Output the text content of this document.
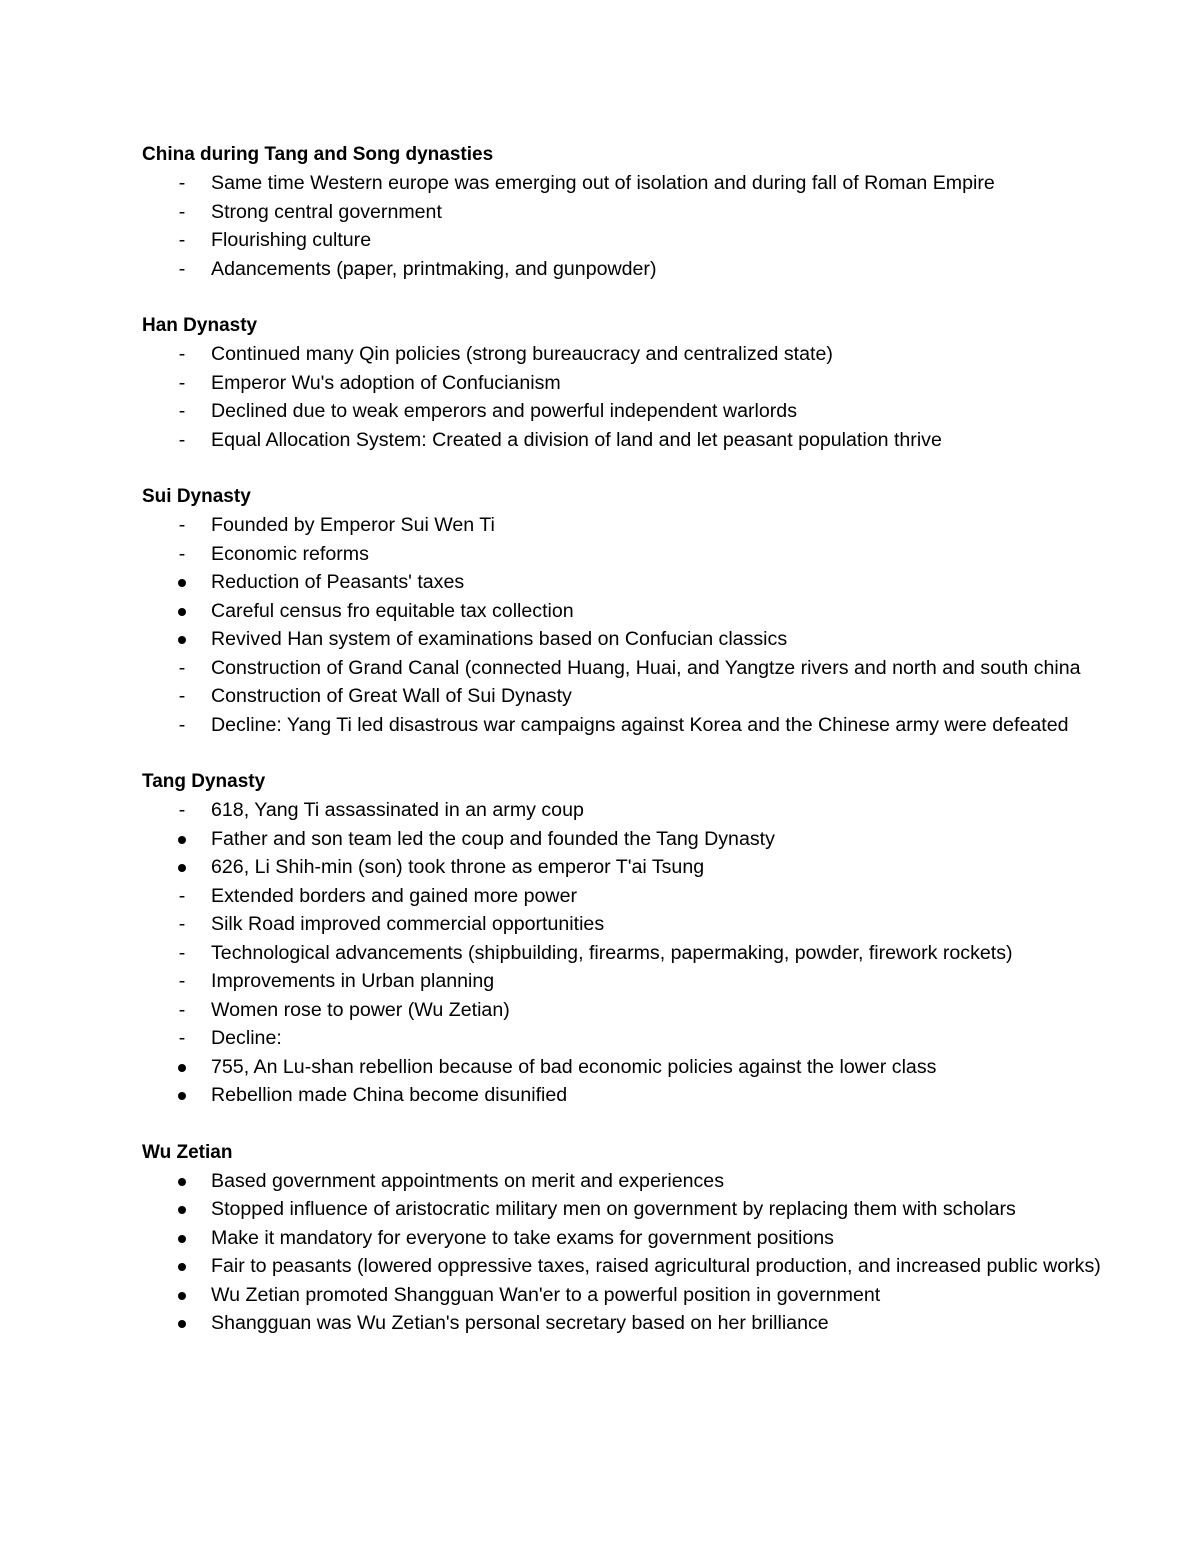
China during Tang and Song dynasties
-
Same time Western europe was emerging out of isolation and during fall of Roman Empire
-
Strong central government
-
Flourishing culture
-
Adancements (paper, printmaking, and gunpowder)
Han Dynasty
-
Continued many Qin policies (strong bureaucracy and centralized state)
-
Emperor Wu's adoption of Confucianism
-
Declined due to weak emperors and powerful independent warlords
-
Equal Allocation System: Created a division of land and let peasant population thrive
Sui Dynasty
-
Founded by Emperor Sui Wen Ti
-
Economic reforms
Reduction of Peasants' taxes
Careful census fro equitable tax collection
Revived Han system of examinations based on Confucian classics
-
Construction of Grand Canal (connected Huang, Huai, and Yangtze rivers and north and south china
-
Construction of Great Wall of Sui Dynasty
-
Decline: Yang Ti led disastrous war campaigns against Korea and the Chinese army were defeated
Tang Dynasty
-
618, Yang Ti assassinated in an army coup
Father and son team led the coup and founded the Tang Dynasty
626, Li Shih-min (son) took throne as emperor T'ai Tsung
-
Extended borders and gained more power
-
Silk Road improved commercial opportunities
-
Technological advancements (shipbuilding, firearms, papermaking, powder, firework rockets)
-
Improvements in Urban planning
-
Women rose to power (Wu Zetian)
-
Decline:
755, An Lu-shan rebellion because of bad economic policies against the lower class
Rebellion made China become disunified
Wu Zetian
Based government appointments on merit and experiences
Stopped influence of aristocratic military men on government by replacing them with scholars
Make it mandatory for everyone to take exams for government positions
Fair to peasants (lowered oppressive taxes, raised agricultural production, and increased public works)
Wu Zetian promoted Shangguan Wan'er to a powerful position in government
Shangguan was Wu Zetian's personal secretary based on her brilliance
